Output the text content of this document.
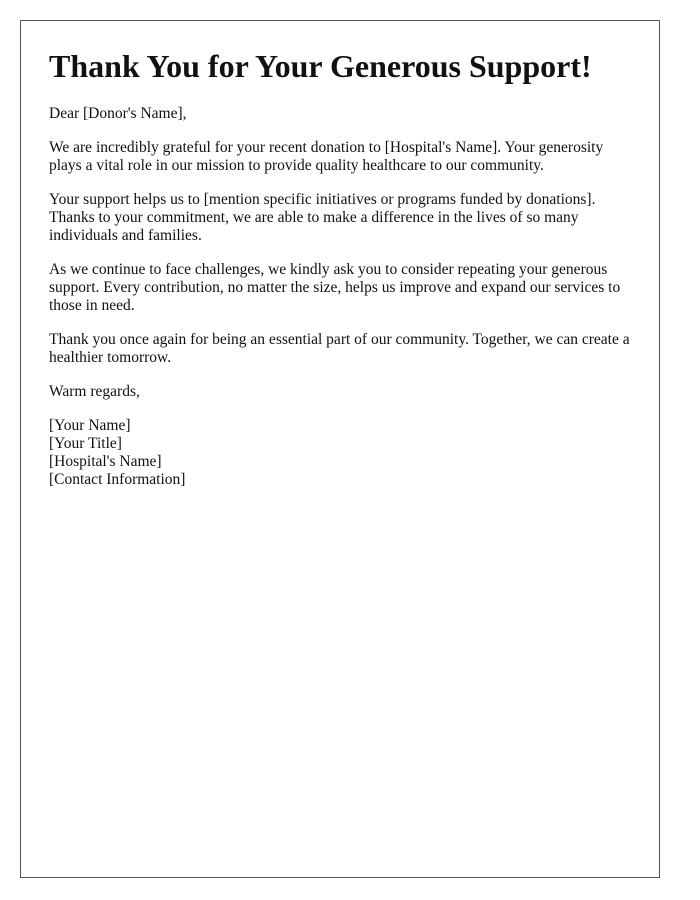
Thank You for Your Generous Support!

Dear [Donor's Name],

We are incredibly grateful for your recent donation to [Hospital's Name]. Your generosity plays a vital role in our mission to provide quality healthcare to our community.

Your support helps us to [mention specific initiatives or programs funded by donations]. Thanks to your commitment, we are able to make a difference in the lives of so many individuals and families.

As we continue to face challenges, we kindly ask you to consider repeating your generous support. Every contribution, no matter the size, helps us improve and expand our services to those in need.

Thank you once again for being an essential part of our community. Together, we can create a healthier tomorrow.

Warm regards,

[Your Name]
[Your Title]
[Hospital's Name]
[Contact Information]
